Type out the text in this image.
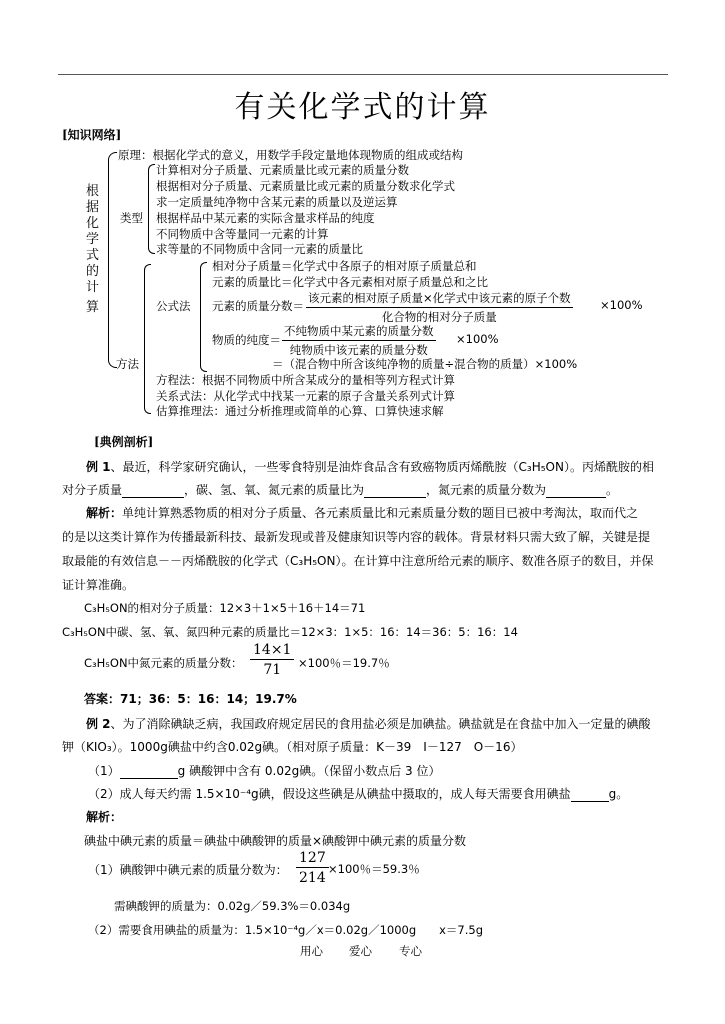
有关化学式的计算
[知识网络]
根
据
化
学
式
的
计
算
原理：根据化学式的意义，用数学手段定量地体现物质的组成或结构
类型
计算相对分子质量、元素质量比或元素的质量分数
根据相对分子质量、元素质量比或元素的质量分数求化学式
求一定质量纯净物中含某元素的质量以及逆运算
根据样品中某元素的实际含量求样品的纯度
不同物质中含等量同一元素的计算
求等量的不同物质中含同一元素的质量比
方法
公式法
相对分子质量＝化学式中各原子的相对原子质量总和
元素的质量比＝化学式中各元素相对原子质量总和之比
元素的质量分数＝
该元素的相对原子质量×化学式中该元素的原子个数
化合物的相对分子质量
×100%
物质的纯度＝
不纯物质中某元素的质量分数
纯物质中该元素的质量分数
×100%
＝（混合物中所含该纯净物的质量÷混合物的质量）×100%
方程法：根据不同物质中所含某成分的量相等列方程式计算
关系式法：从化学式中找某一元素的原子含量关系列式计算
估算推理法：通过分析推理或简单的心算、口算快速求解
[典例剖析]
例 1、最近，科学家研究确认，一些零食特别是油炸食品含有致癌物质丙烯酰胺（C₃H₅ON）。丙烯酰胺的相
对分子质量	，碳、氢、氧、氮元素的质量比为	，氮元素的质量分数为	。
解析：单纯计算熟悉物质的相对分子质量、各元素质量比和元素质量分数的题目已被中考淘汰，取而代之
的是以这类计算作为传播最新科技、最新发现或普及健康知识等内容的载体。背景材料只需大致了解，关键是提
取最能的有效信息－－丙烯酰胺的化学式（C₃H₅ON）。在计算中注意所给元素的顺序、数准各原子的数目，并保
证计算准确。
C₃H₅ON的相对分子质量：12×3＋1×5＋16＋14＝71
C₃H₅ON中碳、氢、氧、氮四种元素的质量比＝12×3：1×5：16：14＝36：5：16：14
C₃H₅ON中氮元素的质量分数： $\frac{14\times 1}{71} \times 100$％＝19.7％
答案：71；36：5：16：14；19.7%
例 2、为了消除碘缺乏病，我国政府规定居民的食用盐必须是加碘盐。碘盐就是在食盐中加入一定量的碘酸
钾（KIO₃）。1000g碘盐中约含0.02g碘。（相对原子质量：K－39　I－127　O－16）
（1）	g 碘酸钾中含有 0.02g碘。（保留小数点后 3 位）
（2）成人每天约需 1.5×10⁻⁴g碘，假设这些碘是从碘盐中摄取的，成人每天需要食用碘盐	g。
解析：
碘盐中碘元素的质量＝碘盐中碘酸钾的质量×碘酸钾中碘元素的质量分数
（1）碘酸钾中碘元素的质量分数为： $\frac{127}{214} \times 100$％＝59.3％
需碘酸钾的质量为：0.02g／59.3%＝0.034g
（2）需要食用碘盐的质量为：1.5×10⁻⁴g／x＝0.02g／1000g　　x＝7.5g
用心 爱心 专心
